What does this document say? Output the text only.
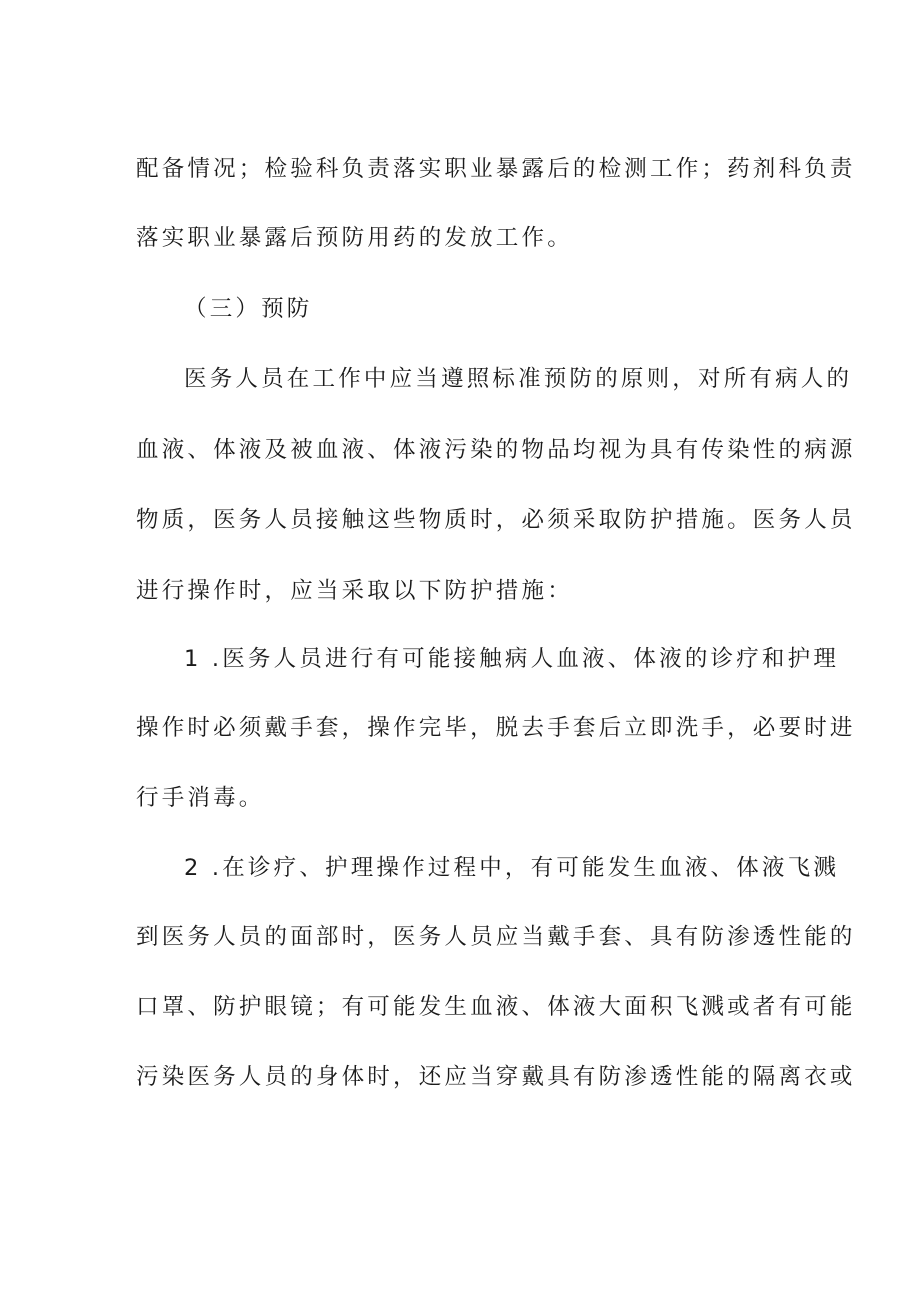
配备情况；检验科负责落实职业暴露后的检测工作；药剂科负责
落实职业暴露后预防用药的发放工作。
（三）预防
医务人员在工作中应当遵照标准预防的原则，对所有病人的
血液、体液及被血液、体液污染的物品均视为具有传染性的病源
物质，医务人员接触这些物质时，必须采取防护措施。医务人员
进行操作时，应当采取以下防护措施：
1 .医务人员进行有可能接触病人血液、体液的诊疗和护理
操作时必须戴手套，操作完毕，脱去手套后立即洗手，必要时进
行手消毒。
2 .在诊疗、护理操作过程中，有可能发生血液、体液飞溅
到医务人员的面部时，医务人员应当戴手套、具有防渗透性能的
口罩、防护眼镜；有可能发生血液、体液大面积飞溅或者有可能
污染医务人员的身体时，还应当穿戴具有防渗透性能的隔离衣或
